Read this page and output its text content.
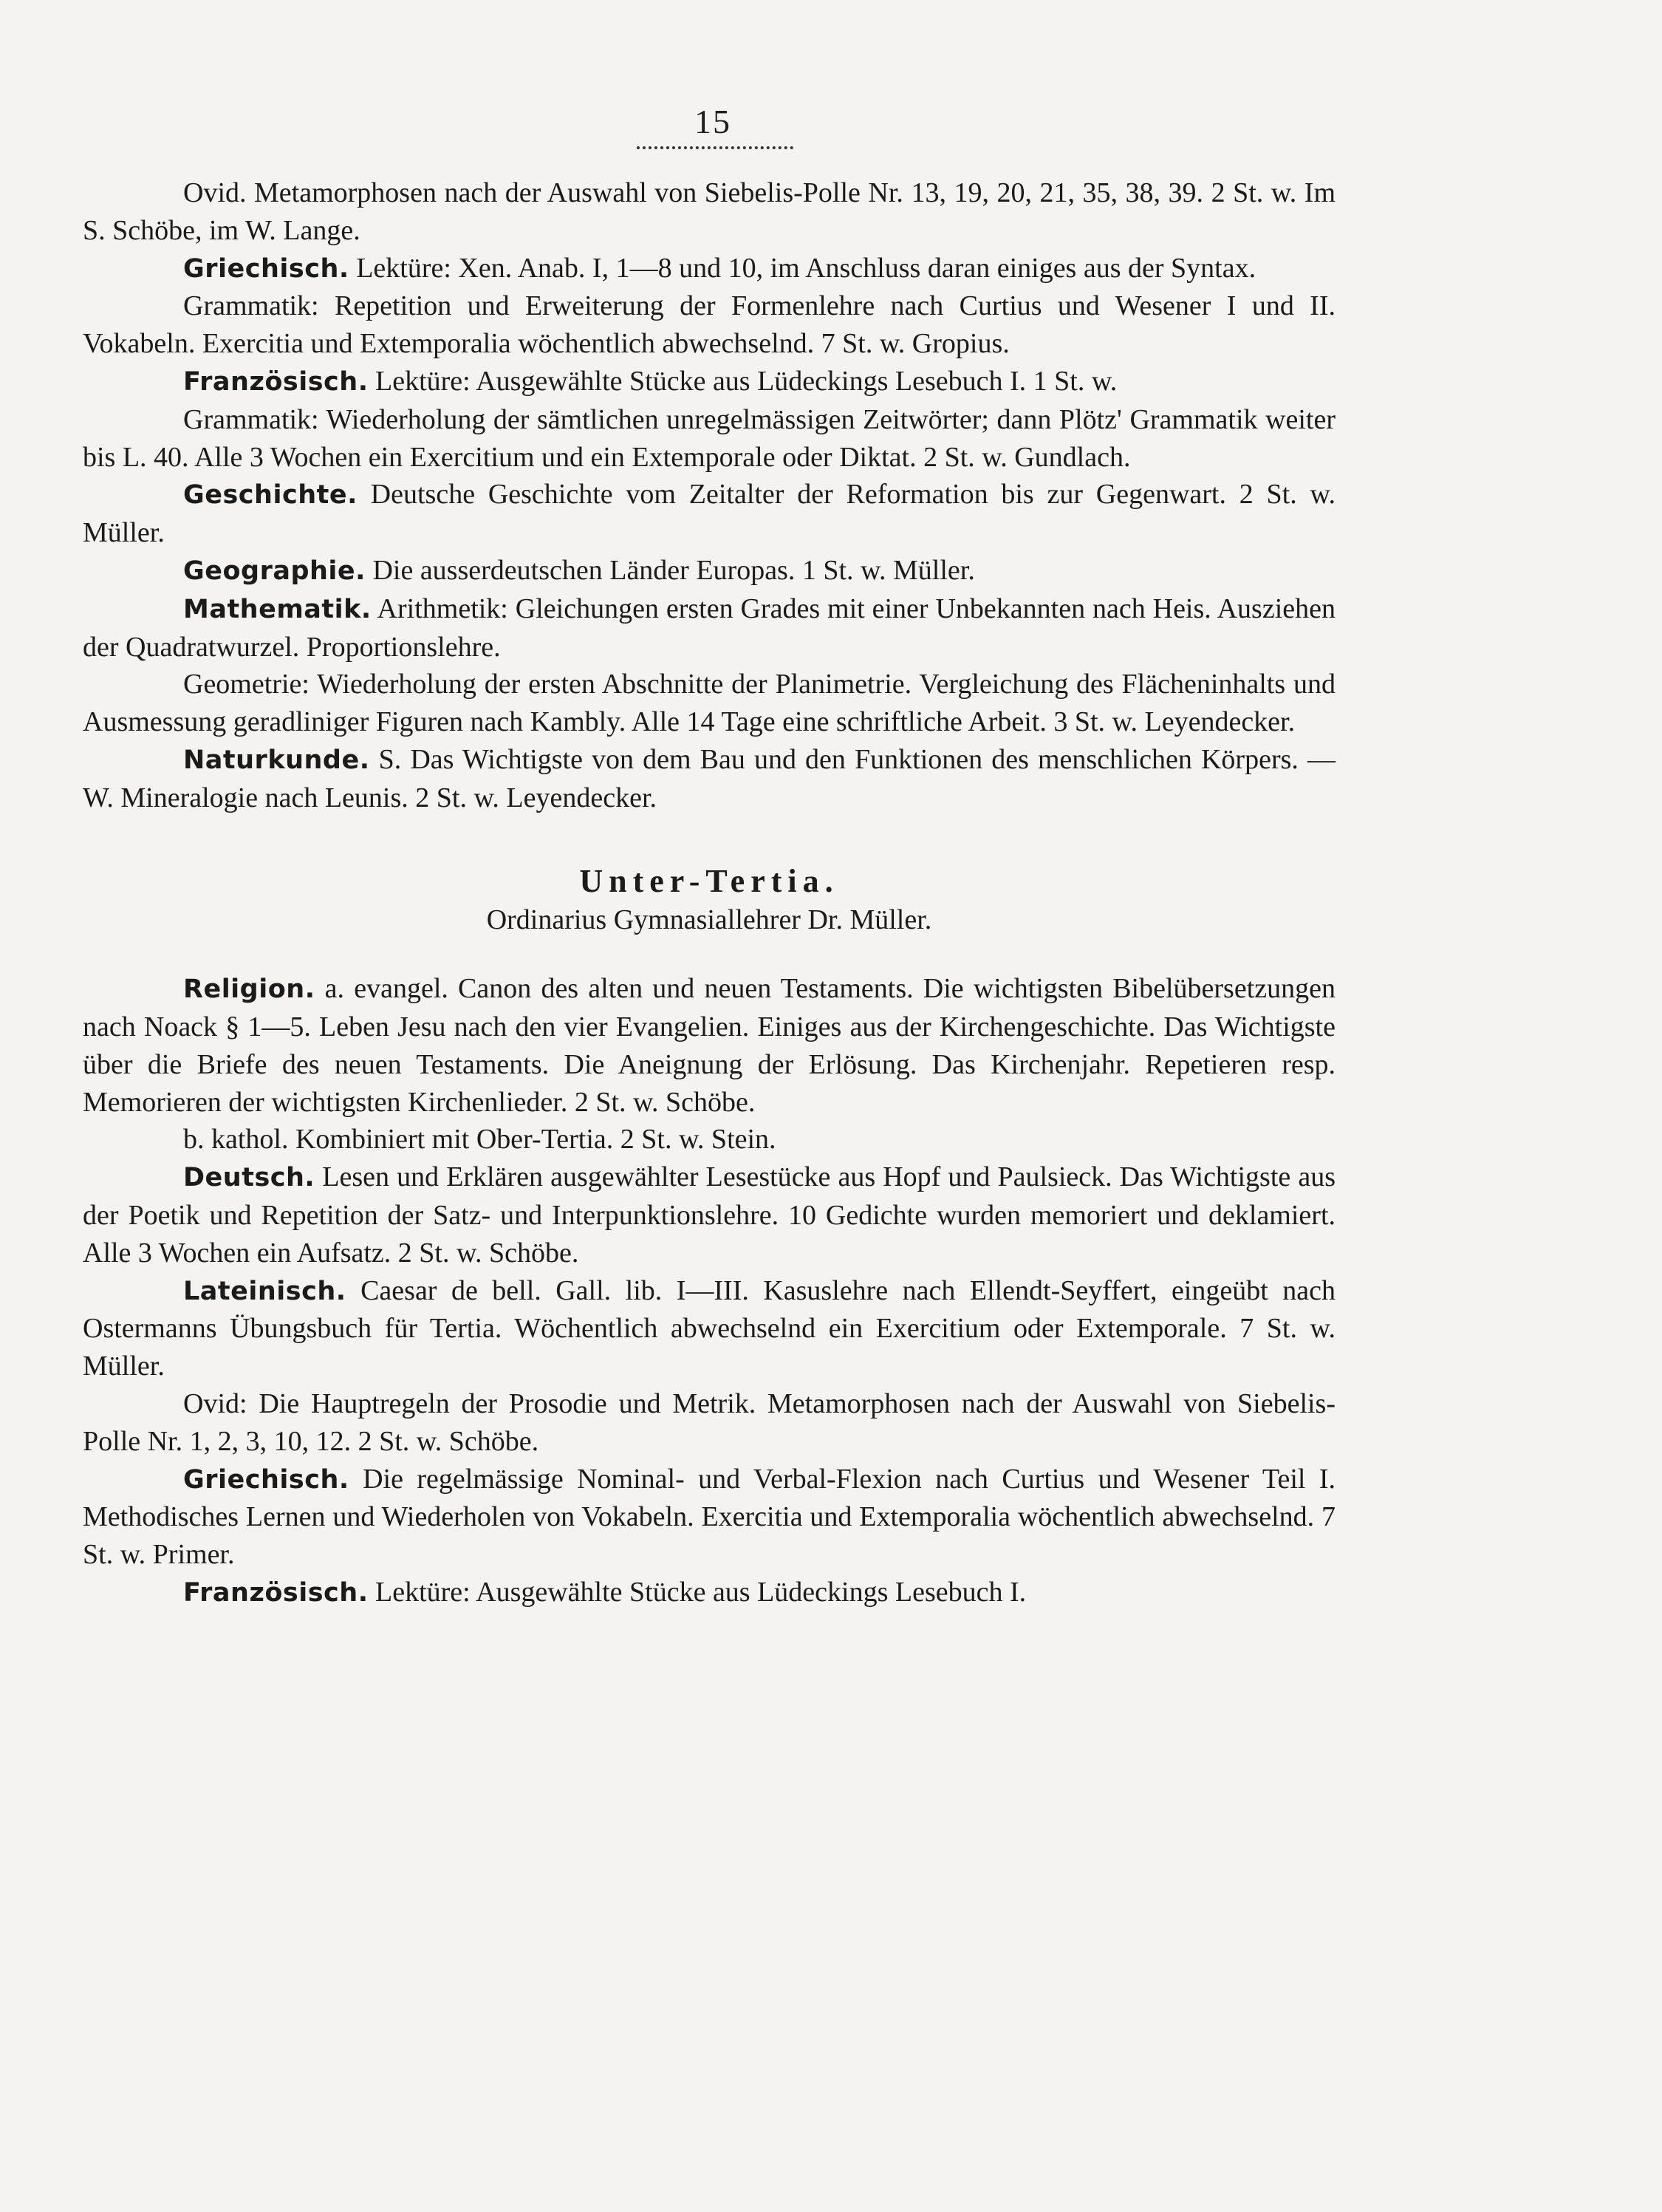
15

Ovid. Metamorphosen nach der Auswahl von Siebelis-Polle Nr. 13, 19, 20, 21, 35, 38, 39. 2 St. w. Im S. Schöbe, im W. Lange.

Griechisch. Lektüre: Xen. Anab. I, 1—8 und 10, im Anschluss daran einiges aus der Syntax.

Grammatik: Repetition und Erweiterung der Formenlehre nach Curtius und Wesener I und II. Vokabeln. Exercitia und Extemporalia wöchentlich abwechselnd. 7 St. w. Gropius.

Französisch. Lektüre: Ausgewählte Stücke aus Lüdeckings Lesebuch I. 1 St. w.

Grammatik: Wiederholung der sämtlichen unregelmässigen Zeitwörter; dann Plötz' Grammatik weiter bis L. 40. Alle 3 Wochen ein Exercitium und ein Extemporale oder Diktat. 2 St. w. Gundlach.

Geschichte. Deutsche Geschichte vom Zeitalter der Reformation bis zur Gegenwart. 2 St. w. Müller.

Geographie. Die ausserdeutschen Länder Europas. 1 St. w. Müller.

Mathematik. Arithmetik: Gleichungen ersten Grades mit einer Unbekannten nach Heis. Ausziehen der Quadratwurzel. Proportionslehre.

Geometrie: Wiederholung der ersten Abschnitte der Planimetrie. Vergleichung des Flächeninhalts und Ausmessung geradliniger Figuren nach Kambly. Alle 14 Tage eine schriftliche Arbeit. 3 St. w. Leyendecker.

Naturkunde. S. Das Wichtigste von dem Bau und den Funktionen des menschlichen Körpers. — W. Mineralogie nach Leunis. 2 St. w. Leyendecker.

Unter-Tertia.

Ordinarius Gymnasiallehrer Dr. Müller.

Religion. a. evangel. Canon des alten und neuen Testaments. Die wichtigsten Bibelübersetzungen nach Noack § 1—5. Leben Jesu nach den vier Evangelien. Einiges aus der Kirchengeschichte. Das Wichtigste über die Briefe des neuen Testaments. Die Aneignung der Erlösung. Das Kirchenjahr. Repetieren resp. Memorieren der wichtigsten Kirchenlieder. 2 St. w. Schöbe.

b. kathol. Kombiniert mit Ober-Tertia. 2 St. w. Stein.

Deutsch. Lesen und Erklären ausgewählter Lesestücke aus Hopf und Paulsieck. Das Wichtigste aus der Poetik und Repetition der Satz- und Interpunktionslehre. 10 Gedichte wurden memoriert und deklamiert. Alle 3 Wochen ein Aufsatz. 2 St. w. Schöbe.

Lateinisch. Caesar de bell. Gall. lib. I—III. Kasuslehre nach Ellendt-Seyffert, eingeübt nach Ostermanns Übungsbuch für Tertia. Wöchentlich abwechselnd ein Exercitium oder Extemporale. 7 St. w. Müller.

Ovid: Die Hauptregeln der Prosodie und Metrik. Metamorphosen nach der Auswahl von Siebelis-Polle Nr. 1, 2, 3, 10, 12. 2 St. w. Schöbe.

Griechisch. Die regelmässige Nominal- und Verbal-Flexion nach Curtius und Wesener Teil I. Methodisches Lernen und Wiederholen von Vokabeln. Exercitia und Extemporalia wöchentlich abwechselnd. 7 St. w. Primer.

Französisch. Lektüre: Ausgewählte Stücke aus Lüdeckings Lesebuch I.
